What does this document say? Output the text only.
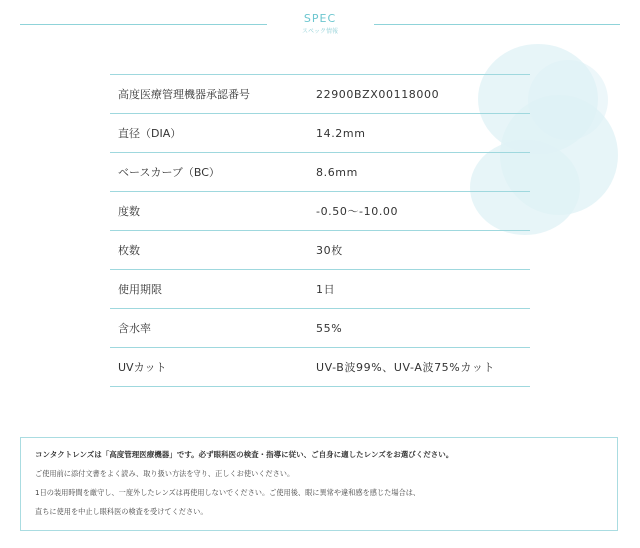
SPEC
スペック情報
高度医療管理機器承認番号	22900BZX00118000
直径（DIA）	14.2mm
ベースカーブ（BC）	8.6mm
度数	-0.50〜-10.00
枚数	30枚
使用期限	1日
含水率	55%
UVカット	UV-B波99%、UV-A波75%カット
コンタクトレンズは「高度管理医療機器」です。必ず眼科医の検査・指導に従い、ご自身に適したレンズをお選びください。
ご使用前に添付文書をよく読み、取り扱い方法を守り、正しくお使いください。
1日の装用時間を厳守し、一度外したレンズは再使用しないでください。ご使用後、眼に異常や違和感を感じた場合は、
直ちに使用を中止し眼科医の検査を受けてください。
